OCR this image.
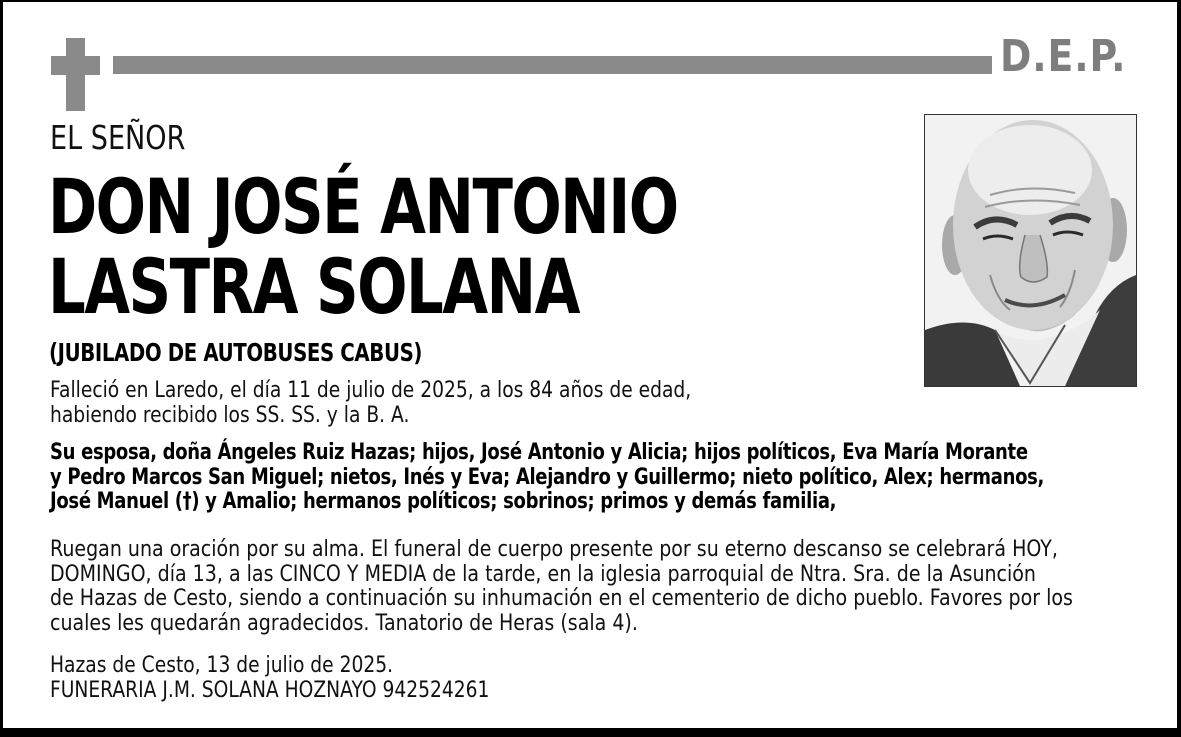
D.E.P.
EL SEÑOR
DON JOSÉ ANTONIO
LASTRA SOLANA
(JUBILADO DE AUTOBUSES CABUS)
Falleció en Laredo, el día 11 de julio de 2025, a los 84 años de edad,
habiendo recibido los SS. SS. y la B. A.
Su esposa, doña Ángeles Ruiz Hazas; hijos, José Antonio y Alicia; hijos políticos, Eva María Morante
y Pedro Marcos San Miguel; nietos, Inés y Eva; Alejandro y Guillermo; nieto político, Alex; hermanos,
José Manuel (†) y Amalio; hermanos políticos; sobrinos; primos y demás familia,
Ruegan una oración por su alma. El funeral de cuerpo presente por su eterno descanso se celebrará HOY,
DOMINGO, día 13, a las CINCO Y MEDIA de la tarde, en la iglesia parroquial de Ntra. Sra. de la Asunción
de Hazas de Cesto, siendo a continuación su inhumación en el cementerio de dicho pueblo. Favores por los
cuales les quedarán agradecidos. Tanatorio de Heras (sala 4).
Hazas de Cesto, 13 de julio de 2025.
FUNERARIA J.M. SOLANA HOZNAYO 942524261
